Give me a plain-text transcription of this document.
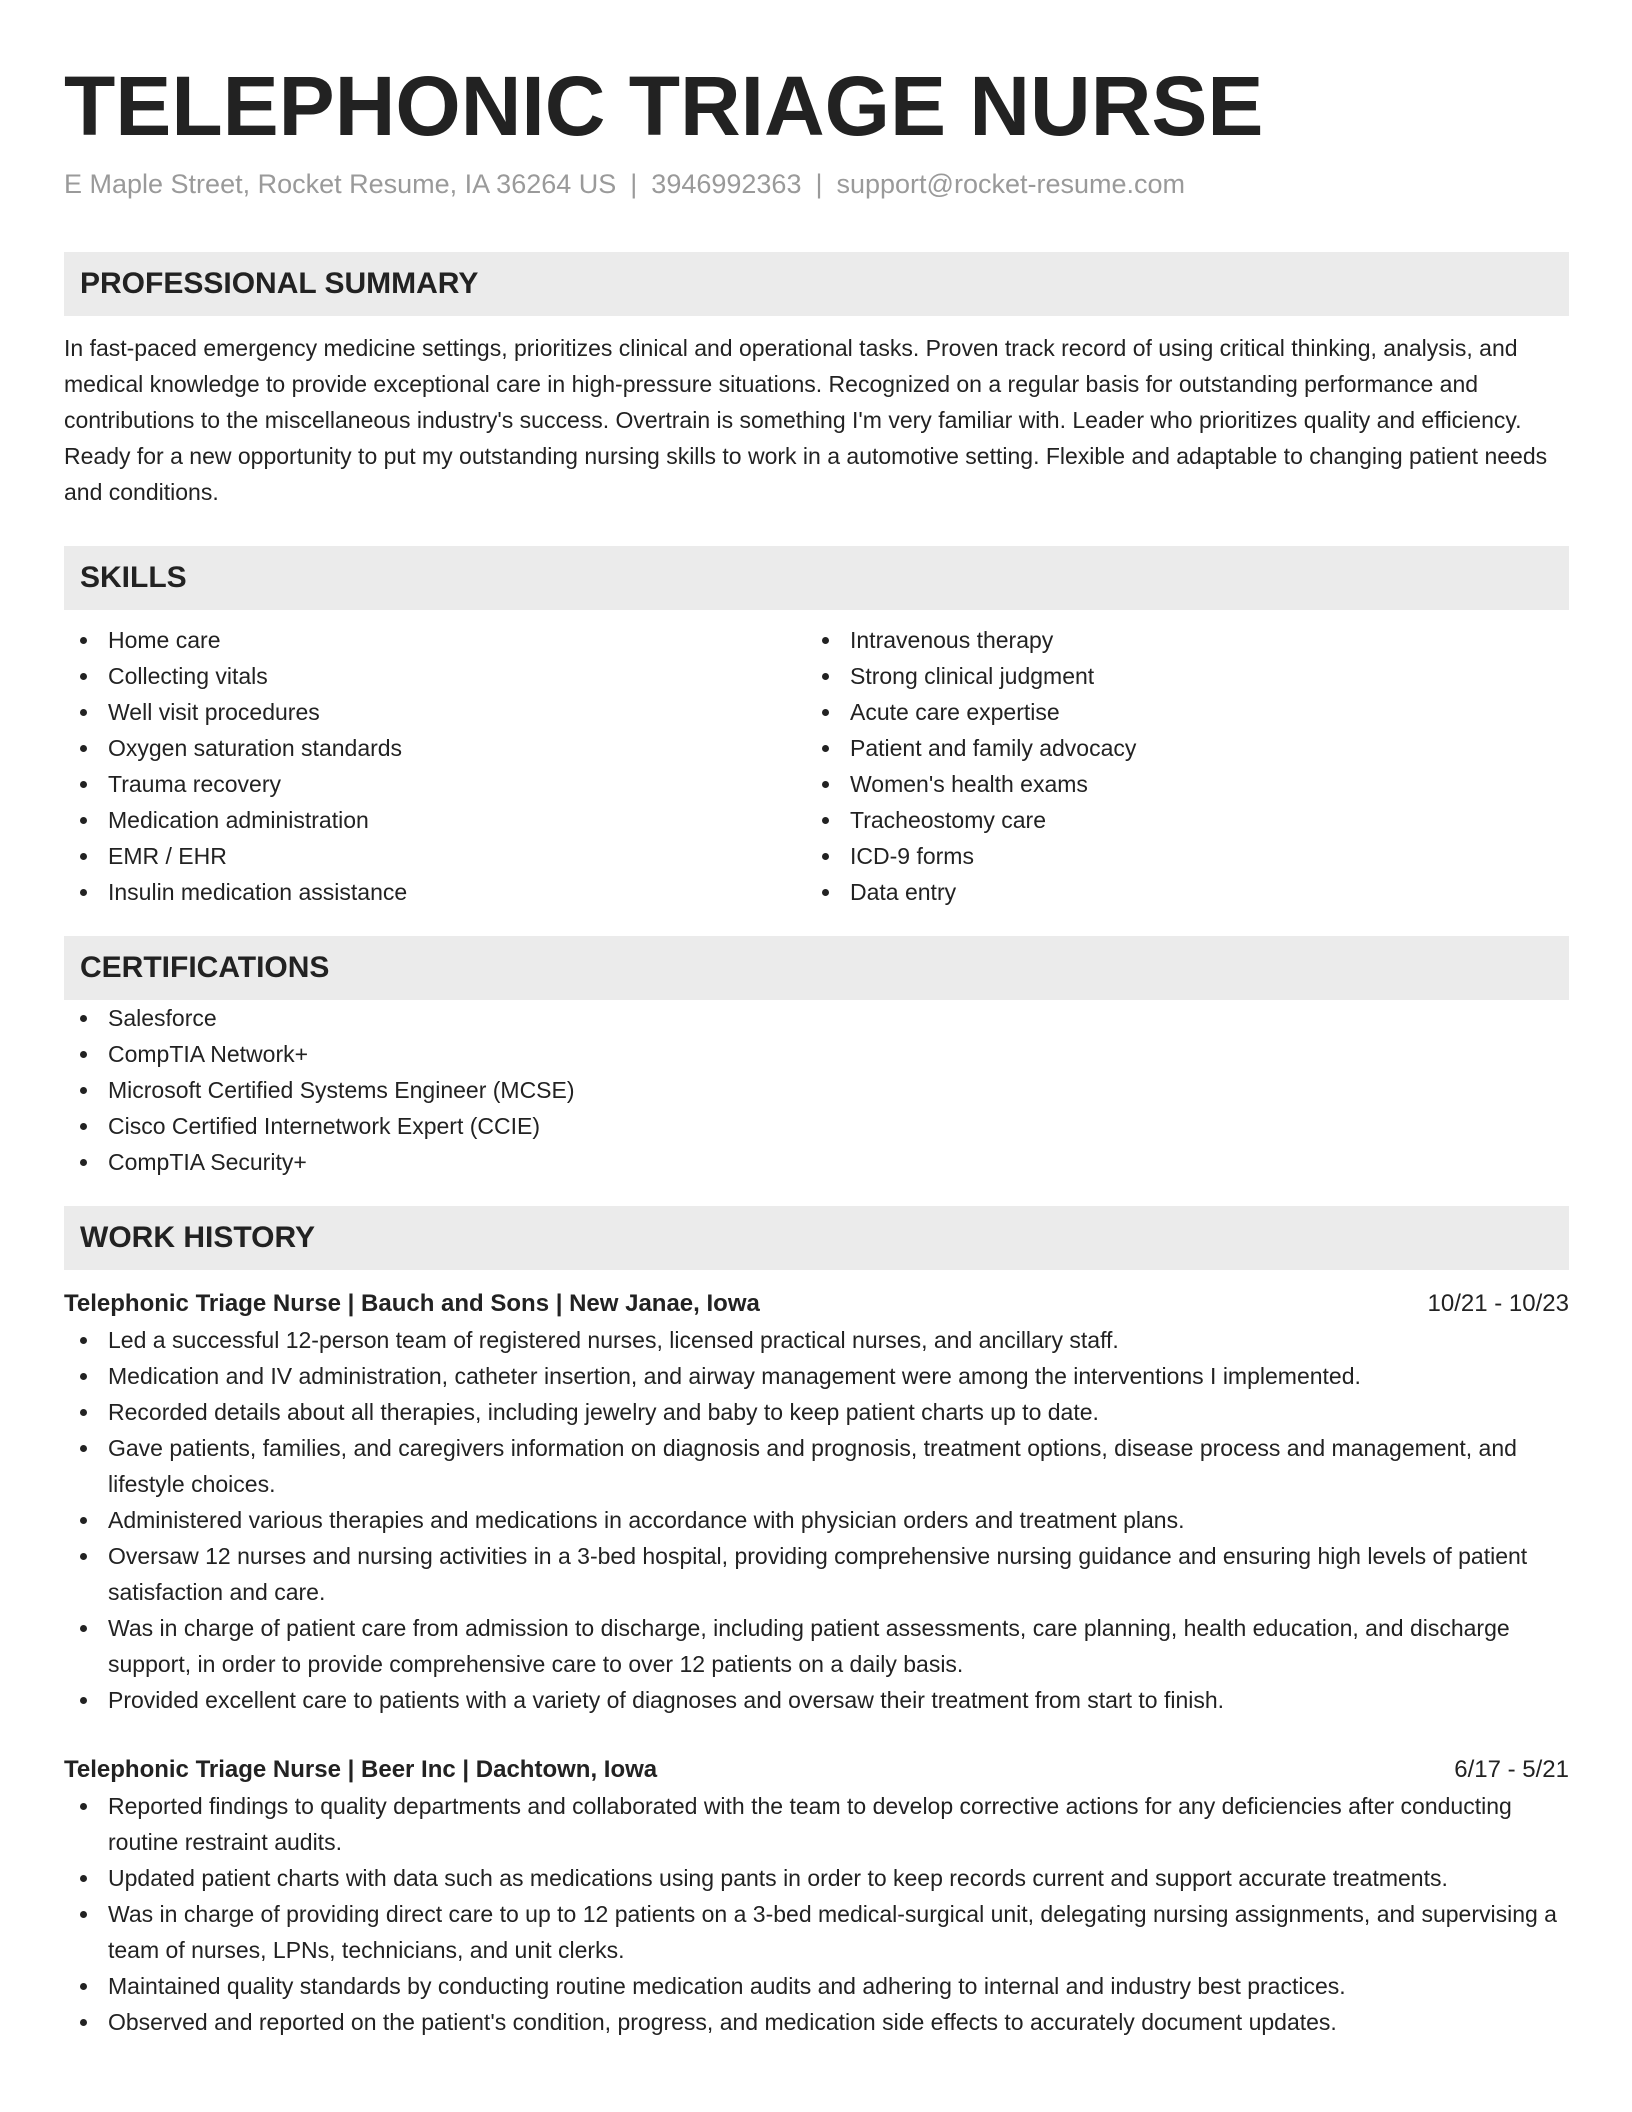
TELEPHONIC TRIAGE NURSE
E Maple Street, Rocket Resume, IA 36264 US | 3946992363 | support@rocket-resume.com
PROFESSIONAL SUMMARY
In fast-paced emergency medicine settings, prioritizes clinical and operational tasks. Proven track record of using critical thinking, analysis, and medical knowledge to provide exceptional care in high-pressure situations. Recognized on a regular basis for outstanding performance and contributions to the miscellaneous industry's success. Overtrain is something I'm very familiar with. Leader who prioritizes quality and efficiency. Ready for a new opportunity to put my outstanding nursing skills to work in a automotive setting. Flexible and adaptable to changing patient needs and conditions.
SKILLS
Home care
Collecting vitals
Well visit procedures
Oxygen saturation standards
Trauma recovery
Medication administration
EMR / EHR
Insulin medication assistance
Intravenous therapy
Strong clinical judgment
Acute care expertise
Patient and family advocacy
Women's health exams
Tracheostomy care
ICD-9 forms
Data entry
CERTIFICATIONS
Salesforce
CompTIA Network+
Microsoft Certified Systems Engineer (MCSE)
Cisco Certified Internetwork Expert (CCIE)
CompTIA Security+
WORK HISTORY
Telephonic Triage Nurse | Bauch and Sons | New Janae, Iowa	10/21 - 10/23
Led a successful 12-person team of registered nurses, licensed practical nurses, and ancillary staff.
Medication and IV administration, catheter insertion, and airway management were among the interventions I implemented.
Recorded details about all therapies, including jewelry and baby to keep patient charts up to date.
Gave patients, families, and caregivers information on diagnosis and prognosis, treatment options, disease process and management, and lifestyle choices.
Administered various therapies and medications in accordance with physician orders and treatment plans.
Oversaw 12 nurses and nursing activities in a 3-bed hospital, providing comprehensive nursing guidance and ensuring high levels of patient satisfaction and care.
Was in charge of patient care from admission to discharge, including patient assessments, care planning, health education, and discharge support, in order to provide comprehensive care to over 12 patients on a daily basis.
Provided excellent care to patients with a variety of diagnoses and oversaw their treatment from start to finish.
Telephonic Triage Nurse | Beer Inc | Dachtown, Iowa	6/17 - 5/21
Reported findings to quality departments and collaborated with the team to develop corrective actions for any deficiencies after conducting routine restraint audits.
Updated patient charts with data such as medications using pants in order to keep records current and support accurate treatments.
Was in charge of providing direct care to up to 12 patients on a 3-bed medical-surgical unit, delegating nursing assignments, and supervising a team of nurses, LPNs, technicians, and unit clerks.
Maintained quality standards by conducting routine medication audits and adhering to internal and industry best practices.
Observed and reported on the patient's condition, progress, and medication side effects to accurately document updates.
